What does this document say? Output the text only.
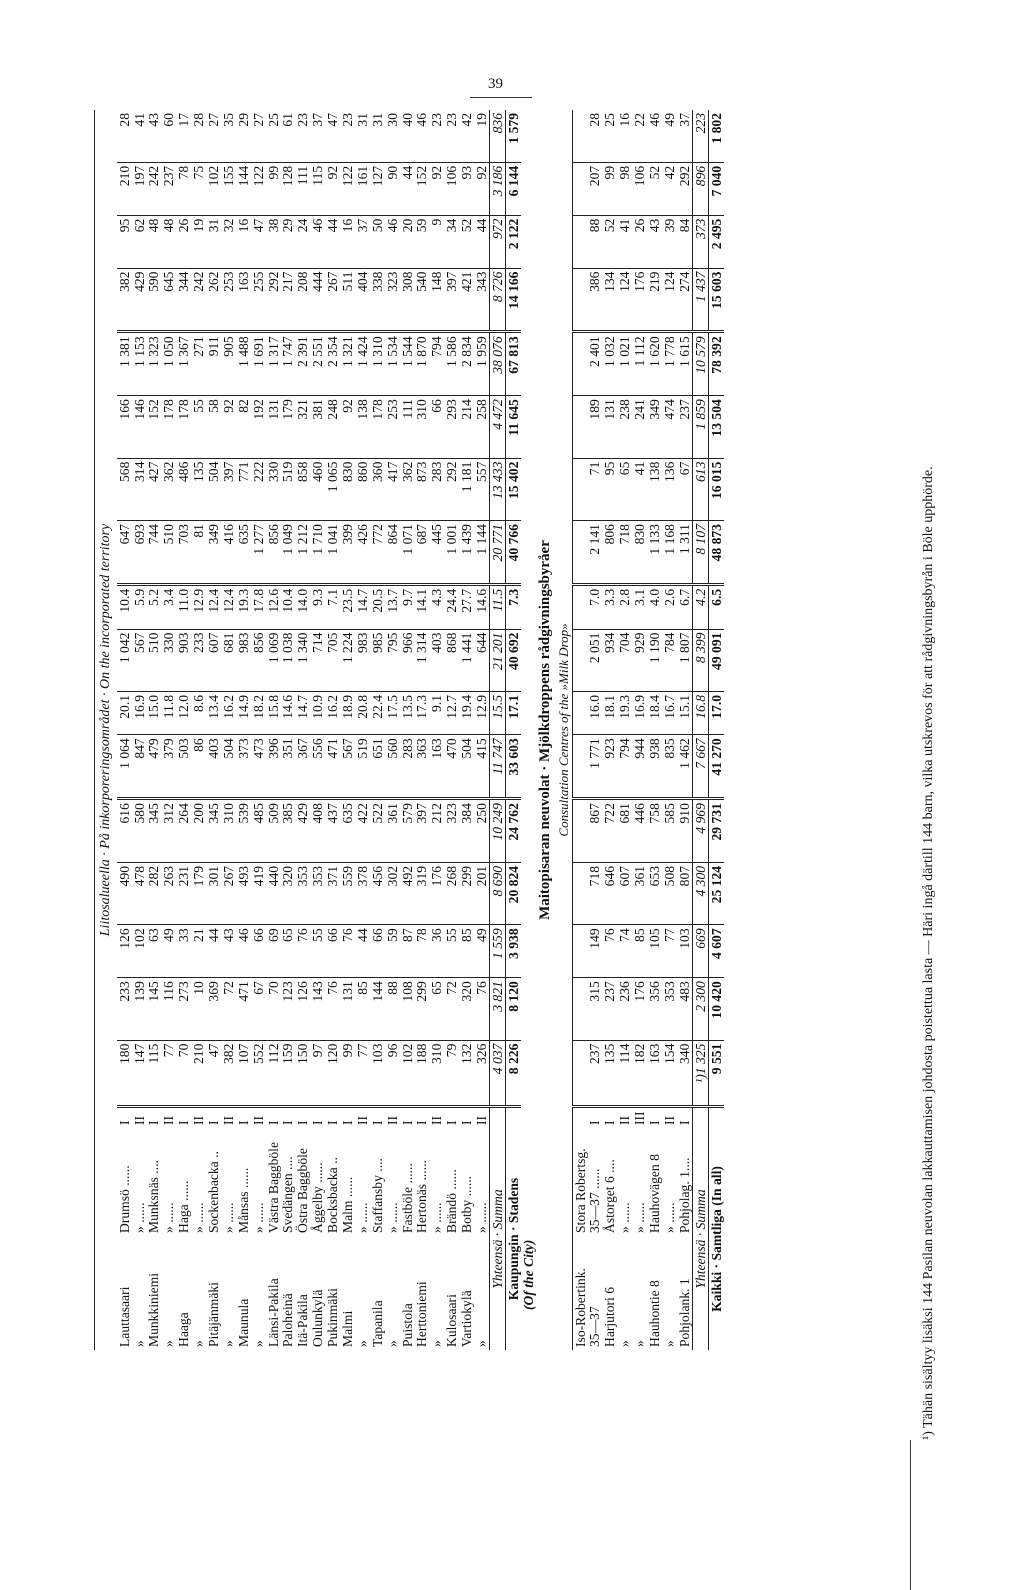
39
Liitosalueella · På inkorporeringsområdet · On the incorporated territory																			
Lauttasaari	Drumsö ......	I	180	233	126	490	616	1 064	20.1	1 042	10.4	647	568	166	1 381	382	95	210	28
»	» ......	II	147	139	102	478	580	847	16.9	567	5.9	693	314	146	1 153	429	62	197	41
Munkkiniemi	Munksnäs ....	I	115	145	63	282	345	479	15.0	510	5.2	744	427	152	1 323	590	48	242	43
»	» ......	II	77	116	49	263	312	379	11.8	330	3.4	510	362	178	1 050	645	48	237	60
Haaga	Haga ......	I	70	273	33	231	264	503	12.0	903	11.0	703	486	178	1 367	344	26	78	17
»	» ......	II	210	10	21	179	200	86	8.6	233	12.9	81	135	55	271	242	19	75	28
Pitäjänmäki	Sockenbacka ..	I	47	369	44	301	345	403	13.4	607	12.4	349	504	58	911	262	31	102	27
»	» ......	II	382	72	43	267	310	504	16.2	681	12.4	416	397	92	905	253	32	155	35
Maunula	Månsas ......	I	107	471	46	493	539	373	14.9	983	19.3	635	771	82	1 488	163	16	144	29
»	» ......	II	552	67	66	419	485	473	18.2	856	17.8	1 277	222	192	1 691	255	47	122	27
Länsi-Pakila	Västra Baggböle	I	112	70	69	440	509	396	15.8	1 069	12.6	856	330	131	1 317	292	38	99	25
Paloheinä	Svedängen ....	I	159	123	65	320	385	351	14.6	1 038	10.4	1 049	519	179	1 747	217	29	128	61
Itä-Pakila	Östra Baggböle	I	150	126	76	353	429	367	14.7	1 340	14.0	1 212	858	321	2 391	208	24	111	23
Oulunkylä	Åggelby ......	I	97	143	55	353	408	556	10.9	714	9.3	1 710	460	381	2 551	444	46	115	37
Pukinmäki	Bocksbacka ..	I	120	76	66	371	437	471	16.2	705	7.1	1 041	1 065	248	2 354	267	44	92	47
Malmi	Malm ......	I	99	131	76	559	635	567	18.9	1 224	23.5	399	830	92	1 321	511	16	122	23
»	» ......	II	77	85	44	378	422	519	20.8	983	14.7	426	860	138	1 424	404	37	161	31
Tapanila	Staffansby ....	I	103	144	66	456	522	651	22.4	985	20.5	772	360	178	1 310	338	50	127	31
»	» ......	II	96	88	59	302	361	560	17.5	795	13.7	864	417	253	1 534	323	46	90	30
Puistola	Fastböle ......	I	102	108	87	492	579	283	13.5	966	9.7	1 071	362	111	1 544	308	20	44	40
Herttoniemi	Hertonäs ......	I	188	299	78	319	397	363	17.3	1 314	14.1	687	873	310	1 870	540	59	152	46
»	» ......	II	310	65	36	176	212	163	9.1	403	4.3	445	283	66	794	148	9	92	23
Kulosaari	Brändö ......	I	79	72	55	268	323	470	12.7	868	24.4	1 001	292	293	1 586	397	34	106	23
Vartiokylä	Botby ......	I	132	320	85	299	384	504	19.4	1 441	27.7	1 439	1 181	214	2 834	421	52	93	42
»	» ......	II	326	76	49	201	250	415	12.9	644	14.6	1 144	557	258	1 959	343	44	92	19
Yhteensä · Summa			4 037	3 821	1 559	8 690	10 249	11 747	15.5	21 201	11.5	20 771	13 433	4 472	38 076	8 726	972	3 186	836
Kaupungin · Stadens			8 226	8 120	3 938	20 824	24 762	33 603	17.1	40 692	7.3	40 766	15 402	11 645	67 813	14 166	2 122	6 144	1 579
(Of the City)																			
Maitopisaran neuvolat · Mjölkdroppens rådgivningsbyråer																			
Consultation Centres of the »Milk Drop»																			
Iso-Robertink.	Stora Robertsg.																		
35—37	35—37 ......	I	237	315	149	718	867	1 771	16.0	2 051	7.0	2 141	71	189	2 401	386	88	207	28
Harjutori 6	Åstorget 6 ....	I	135	237	76	646	722	923	18.1	934	3.3	806	95	131	1 032	134	52	99	25
»	» ......	II	114	236	74	607	681	794	19.3	704	2.8	718	65	238	1 021	124	41	98	16
»	» ......	III	182	176	85	361	446	944	16.9	929	3.1	830	41	241	1 112	176	26	106	22
Hauhontie 8	Hauhovägen 8	I	163	356	105	653	758	938	18.4	1 190	4.0	1 133	138	349	1 620	219	43	52	46
»	» ......	II	154	353	77	508	585	835	16.7	784	2.6	1 168	136	474	1 778	124	39	42	49
Pohjolank. 1	Pohjolag. 1....	I	340	483	103	807	910	1 462	15.1	1 807	6.7	1 311	67	237	1 615	274	84	292	37
Yhteensä · Summa			¹)1 325	2 300	669	4 300	4 969	7 667	16.8	8 399	4.2	8 107	613	1 859	10 579	1 437	373	896	223
Kaikki · Samtliga (In all)			9 551	10 420	4 607	25 124	29 731	41 270	17.0	49 091	6.5	48 873	16 015	13 504	78 392	15 603	2 495	7 040	1 802
¹) Tähän sisältyy lisäksi 144 Pasilan neuvolan lakkauttamisen johdosta poistettua lasta — Häri ingå därtill 144 barn, vilka utskrevos för att rådgivningsbyrån i Böle upphörde.
